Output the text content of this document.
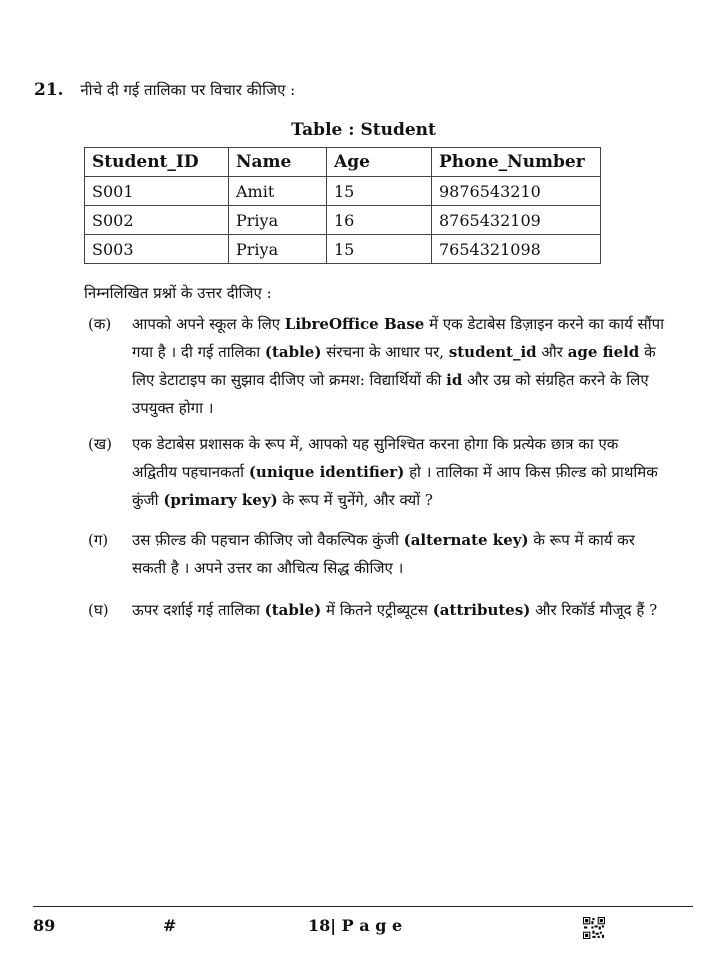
21. नीचे दी गई तालिका पर विचार कीजिए :
Table : Student
Student_ID	Name	Age	Phone_Number
S001	Amit	15	9876543210
S002	Priya	16	8765432109
S003	Priya	15	7654321098
निम्नलिखित प्रश्नों के उत्तर दीजिए :
(क)	आपको अपने स्कूल के लिए LibreOffice Base में एक डेटाबेस डिज़ाइन करने का कार्य सौंपा गया है । दी गई तालिका (table) संरचना के आधार पर, student_id और age field के लिए डेटाटाइप का सुझाव दीजिए जो क्रमश: विद्यार्थियों की id और उम्र को संग्रहित करने के लिए उपयुक्त होगा ।
(ख)	एक डेटाबेस प्रशासक के रूप में, आपको यह सुनिश्चित करना होगा कि प्रत्येक छात्र का एक अद्वितीय पहचानकर्ता (unique identifier) हो । तालिका में आप किस फ़ील्ड को प्राथमिक कुंजी (primary key) के रूप में चुनेंगे, और क्यों ?
(ग)	उस फ़ील्ड की पहचान कीजिए जो वैकल्पिक कुंजी (alternate key) के रूप में कार्य कर सकती है । अपने उत्तर का औचित्य सिद्ध कीजिए ।
(घ)	ऊपर दर्शाई गई तालिका (table) में कितने एट्रीब्यूटस (attributes) और रिकॉर्ड मौजूद हैं ?
89	#	18| P a g e
